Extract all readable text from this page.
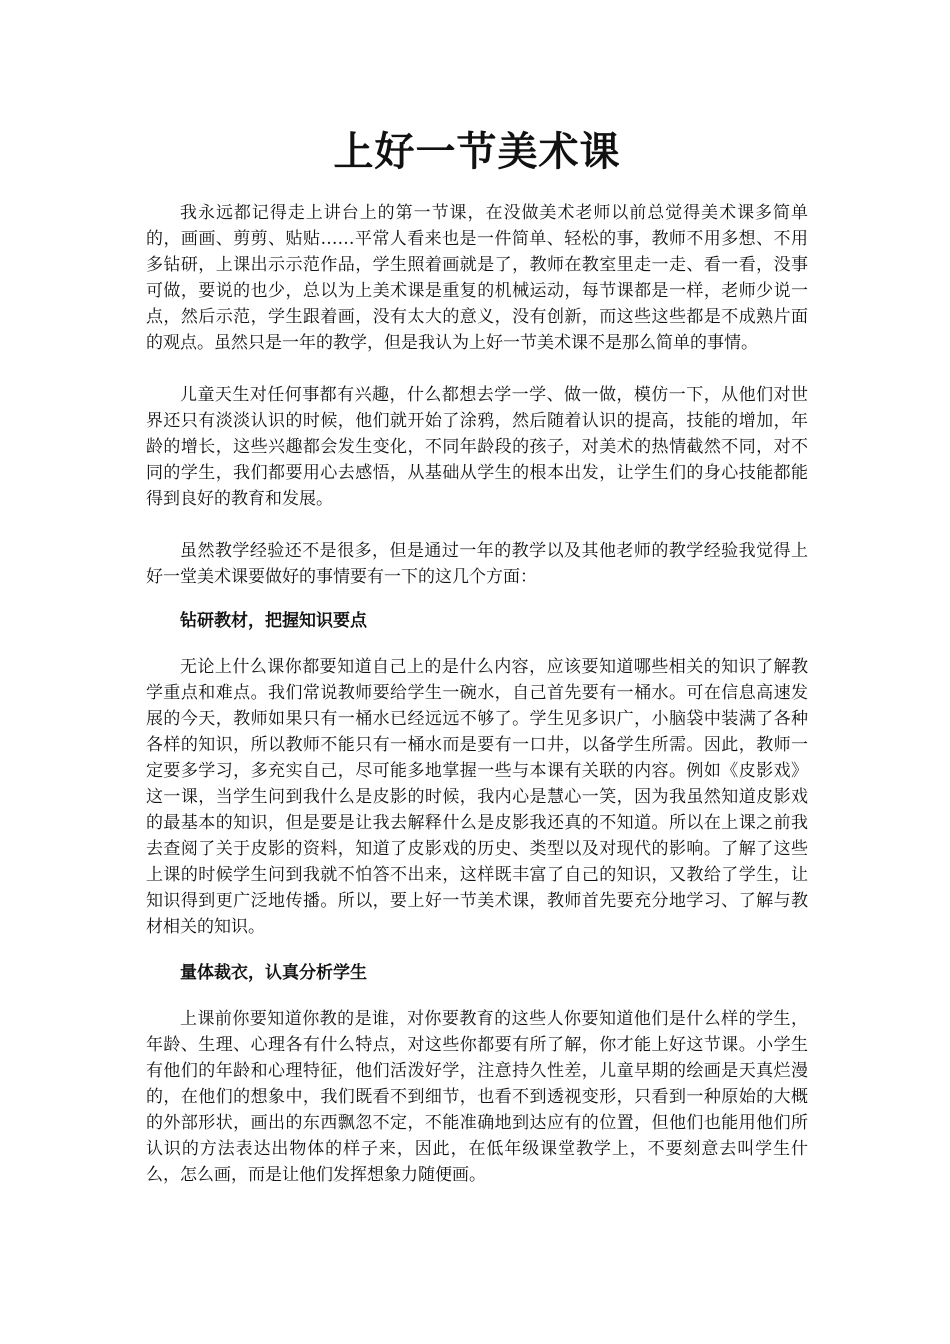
上好一节美术课

我永远都记得走上讲台上的第一节课，在没做美术老师以前总觉得美术课多简单的，画画、剪剪、贴贴……平常人看来也是一件简单、轻松的事，教师不用多想、不用多钻研，上课出示示范作品，学生照着画就是了，教师在教室里走一走、看一看，没事可做，要说的也少，总以为上美术课是重复的机械运动，每节课都是一样，老师少说一点，然后示范，学生跟着画，没有太大的意义，没有创新，而这些这些都是不成熟片面的观点。虽然只是一年的教学，但是我认为上好一节美术课不是那么简单的事情。

儿童天生对任何事都有兴趣，什么都想去学一学、做一做，模仿一下，从他们对世界还只有淡淡认识的时候，他们就开始了涂鸦，然后随着认识的提高，技能的增加，年龄的增长，这些兴趣都会发生变化，不同年龄段的孩子，对美术的热情截然不同，对不同的学生，我们都要用心去感悟，从基础从学生的根本出发，让学生们的身心技能都能得到良好的教育和发展。

虽然教学经验还不是很多，但是通过一年的教学以及其他老师的教学经验我觉得上好一堂美术课要做好的事情要有一下的这几个方面：

钻研教材，把握知识要点

无论上什么课你都要知道自己上的是什么内容，应该要知道哪些相关的知识了解教学重点和难点。我们常说教师要给学生一碗水，自己首先要有一桶水。可在信息高速发展的今天，教师如果只有一桶水已经远远不够了。学生见多识广，小脑袋中装满了各种各样的知识，所以教师不能只有一桶水而是要有一口井，以备学生所需。因此，教师一定要多学习，多充实自己，尽可能多地掌握一些与本课有关联的内容。例如《皮影戏》这一课，当学生问到我什么是皮影的时候，我内心是慧心一笑，因为我虽然知道皮影戏的最基本的知识，但是要是让我去解释什么是皮影我还真的不知道。所以在上课之前我去查阅了关于皮影的资料，知道了皮影戏的历史、类型以及对现代的影响。了解了这些上课的时候学生问到我就不怕答不出来，这样既丰富了自己的知识，又教给了学生，让知识得到更广泛地传播。所以，要上好一节美术课，教师首先要充分地学习、了解与教材相关的知识。

量体裁衣，认真分析学生

上课前你要知道你教的是谁，对你要教育的这些人你要知道他们是什么样的学生，年龄、生理、心理各有什么特点，对这些你都要有所了解，你才能上好这节课。小学生有他们的年龄和心理特征，他们活泼好学，注意持久性差，儿童早期的绘画是天真烂漫的，在他们的想象中，我们既看不到细节，也看不到透视变形，只看到一种原始的大概的外部形状，画出的东西飘忽不定，不能准确地到达应有的位置，但他们也能用他们所认识的方法表达出物体的样子来，因此，在低年级课堂教学上，不要刻意去叫学生什么，怎么画，而是让他们发挥想象力随便画。
